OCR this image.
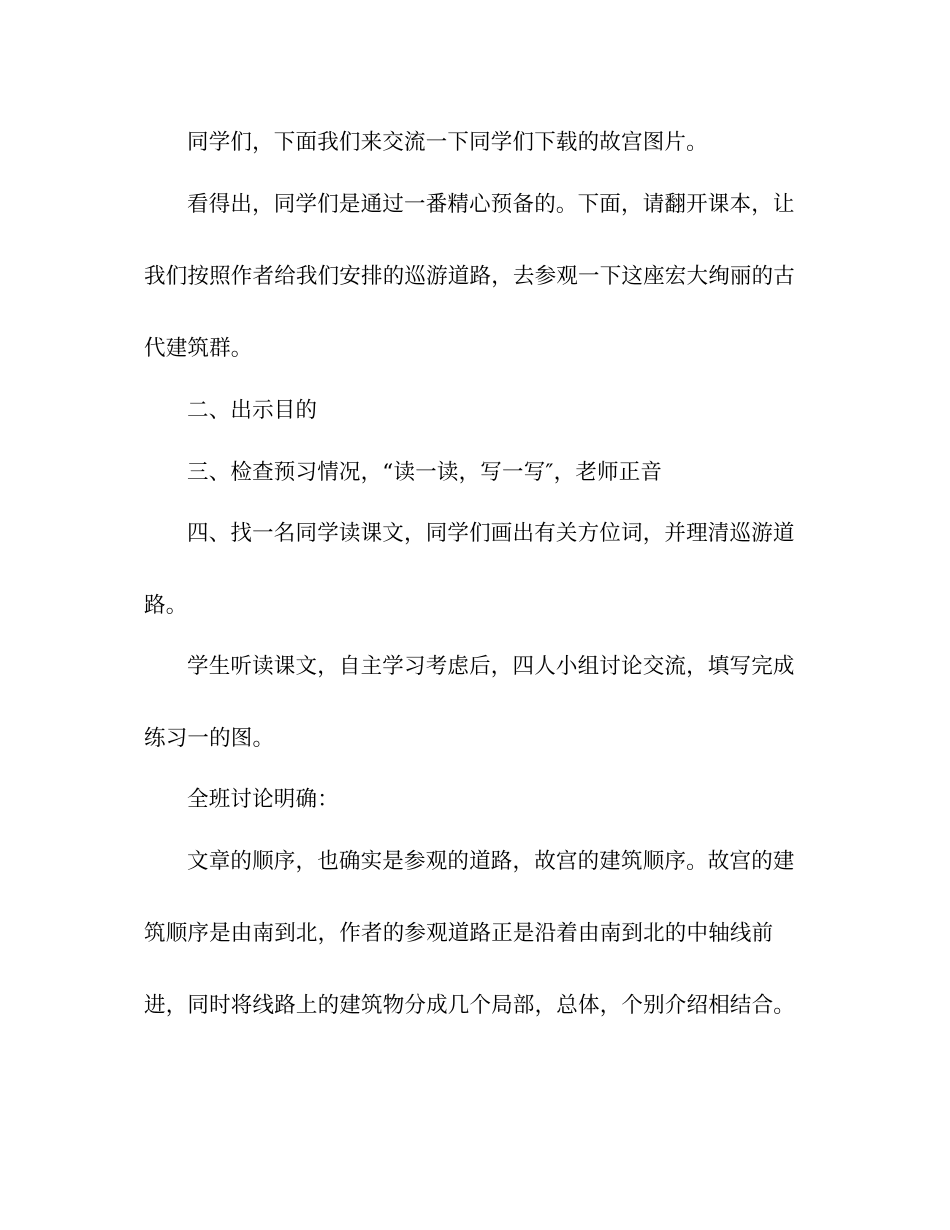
同学们，下面我们来交流一下同学们下载的故宫图片。
看得出，同学们是通过一番精心预备的。下面，请翻开课本，让
我们按照作者给我们安排的巡游道路，去参观一下这座宏大绚丽的古
代建筑群。
二、出示目的
三、检查预习情况，“读一读，写一写″，老师正音
四、找一名同学读课文，同学们画出有关方位词，并理清巡游道
路。
学生听读课文，自主学习考虑后，四人小组讨论交流，填写完成
练习一的图。
全班讨论明确：
文章的顺序，也确实是参观的道路，故宫的建筑顺序。故宫的建
筑顺序是由南到北，作者的参观道路正是沿着由南到北的中轴线前
进，同时将线路上的建筑物分成几个局部，总体，个别介绍相结合。
